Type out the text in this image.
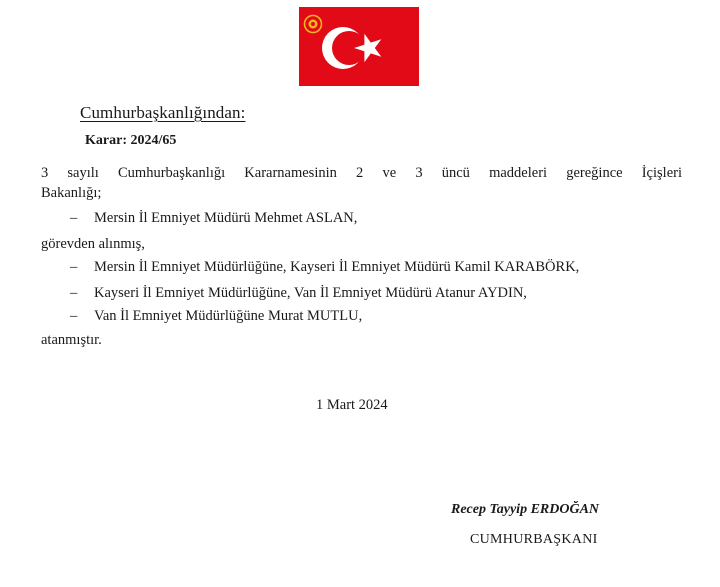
Cumhurbaşkanlığından:
Karar: 2024/65
3 sayılı Cumhurbaşkanlığı Kararnamesinin 2 ve 3 üncü maddeleri gereğince İçişleri
Bakanlığı;
– Mersin İl Emniyet Müdürü Mehmet ASLAN,
görevden alınmış,
– Mersin İl Emniyet Müdürlüğüne, Kayseri İl Emniyet Müdürü Kamil KARABÖRK,
– Kayseri İl Emniyet Müdürlüğüne, Van İl Emniyet Müdürü Atanur AYDIN,
– Van İl Emniyet Müdürlüğüne Murat MUTLU,
atanmıştır.
1 Mart 2024
Recep Tayyip ERDOĞAN
CUMHURBAŞKANI
